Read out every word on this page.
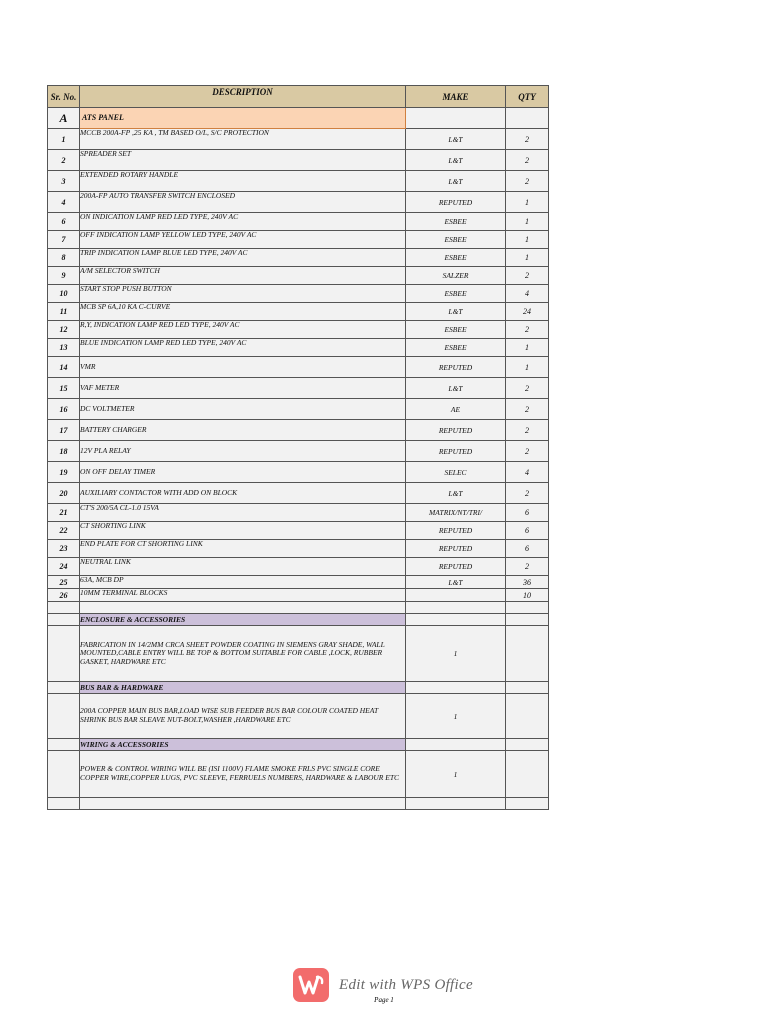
Sr. No.	DESCRIPTION	MAKE	QTY
A	ATS PANEL		
1	MCCB 200A-FP ,25 KA , TM BASED O/L, S/C PROTECTION	L&T	2
2	SPREADER SET	L&T	2
3	EXTENDED ROTARY HANDLE	L&T	2
4	200A-FP AUTO TRANSFER SWITCH ENCLOSED	REPUTED	1
6	ON INDICATION LAMP RED LED TYPE, 240V AC	ESBEE	1
7	OFF INDICATION LAMP YELLOW LED TYPE, 240V AC	ESBEE	1
8	TRIP INDICATION LAMP BLUE LED TYPE, 240V AC	ESBEE	1
9	A/M SELECTOR SWITCH	SALZER	2
10	START STOP PUSH BUTTON	ESBEE	4
11	MCB SP 6A,10 KA C-CURVE	L&T	24
12	R,Y, INDICATION LAMP RED LED TYPE, 240V AC	ESBEE	2
13	BLUE INDICATION LAMP RED LED TYPE, 240V AC	ESBEE	1
14	VMR	REPUTED	1
15	VAF METER	L&T	2
16	DC VOLTMETER	AE	2
17	BATTERY CHARGER	REPUTED	2
18	12V PLA RELAY	REPUTED	2
19	ON OFF DELAY TIMER	SELEC	4
20	AUXILIARY CONTACTOR WITH ADD ON BLOCK	L&T	2
21	CT'S 200/5A CL-1.0 15VA	MATRIX/NT/TRI/	6
22	CT SHORTING LINK	REPUTED	6
23	END PLATE FOR CT SHORTING LINK	REPUTED	6
24	NEUTRAL LINK	REPUTED	2
25	63A, MCB DP	L&T	36
26	10MM TERMINAL BLOCKS		10

	ENCLOSURE & ACCESSORIES		
	FABRICATION IN 14/2MM CRCA SHEET POWDER COATING IN SIEMENS GRAY SHADE, WALL MOUNTED,CABLE ENTRY WILL BE TOP & BOTTOM SUITABLE FOR CABLE ,LOCK, RUBBER GASKET, HARDWARE ETC	1	
	BUS BAR & HARDWARE		
	200A COPPER MAIN BUS BAR,LOAD WISE SUB FEEDER BUS BAR COLOUR COATED HEAT SHRINK BUS BAR SLEAVE NUT-BOLT,WASHER ,HARDWARE ETC	1	
	WIRING & ACCESSORIES		
	POWER & CONTROL WIRING WILL BE (ISI 1100V) FLAME SMOKE FRLS PVC SINGLE CORE COPPER WIRE,COPPER LUGS, PVC SLEEVE, FERRUELS NUMBERS, HARDWARE & LABOUR ETC	1	

Edit with WPS Office
Page 1
